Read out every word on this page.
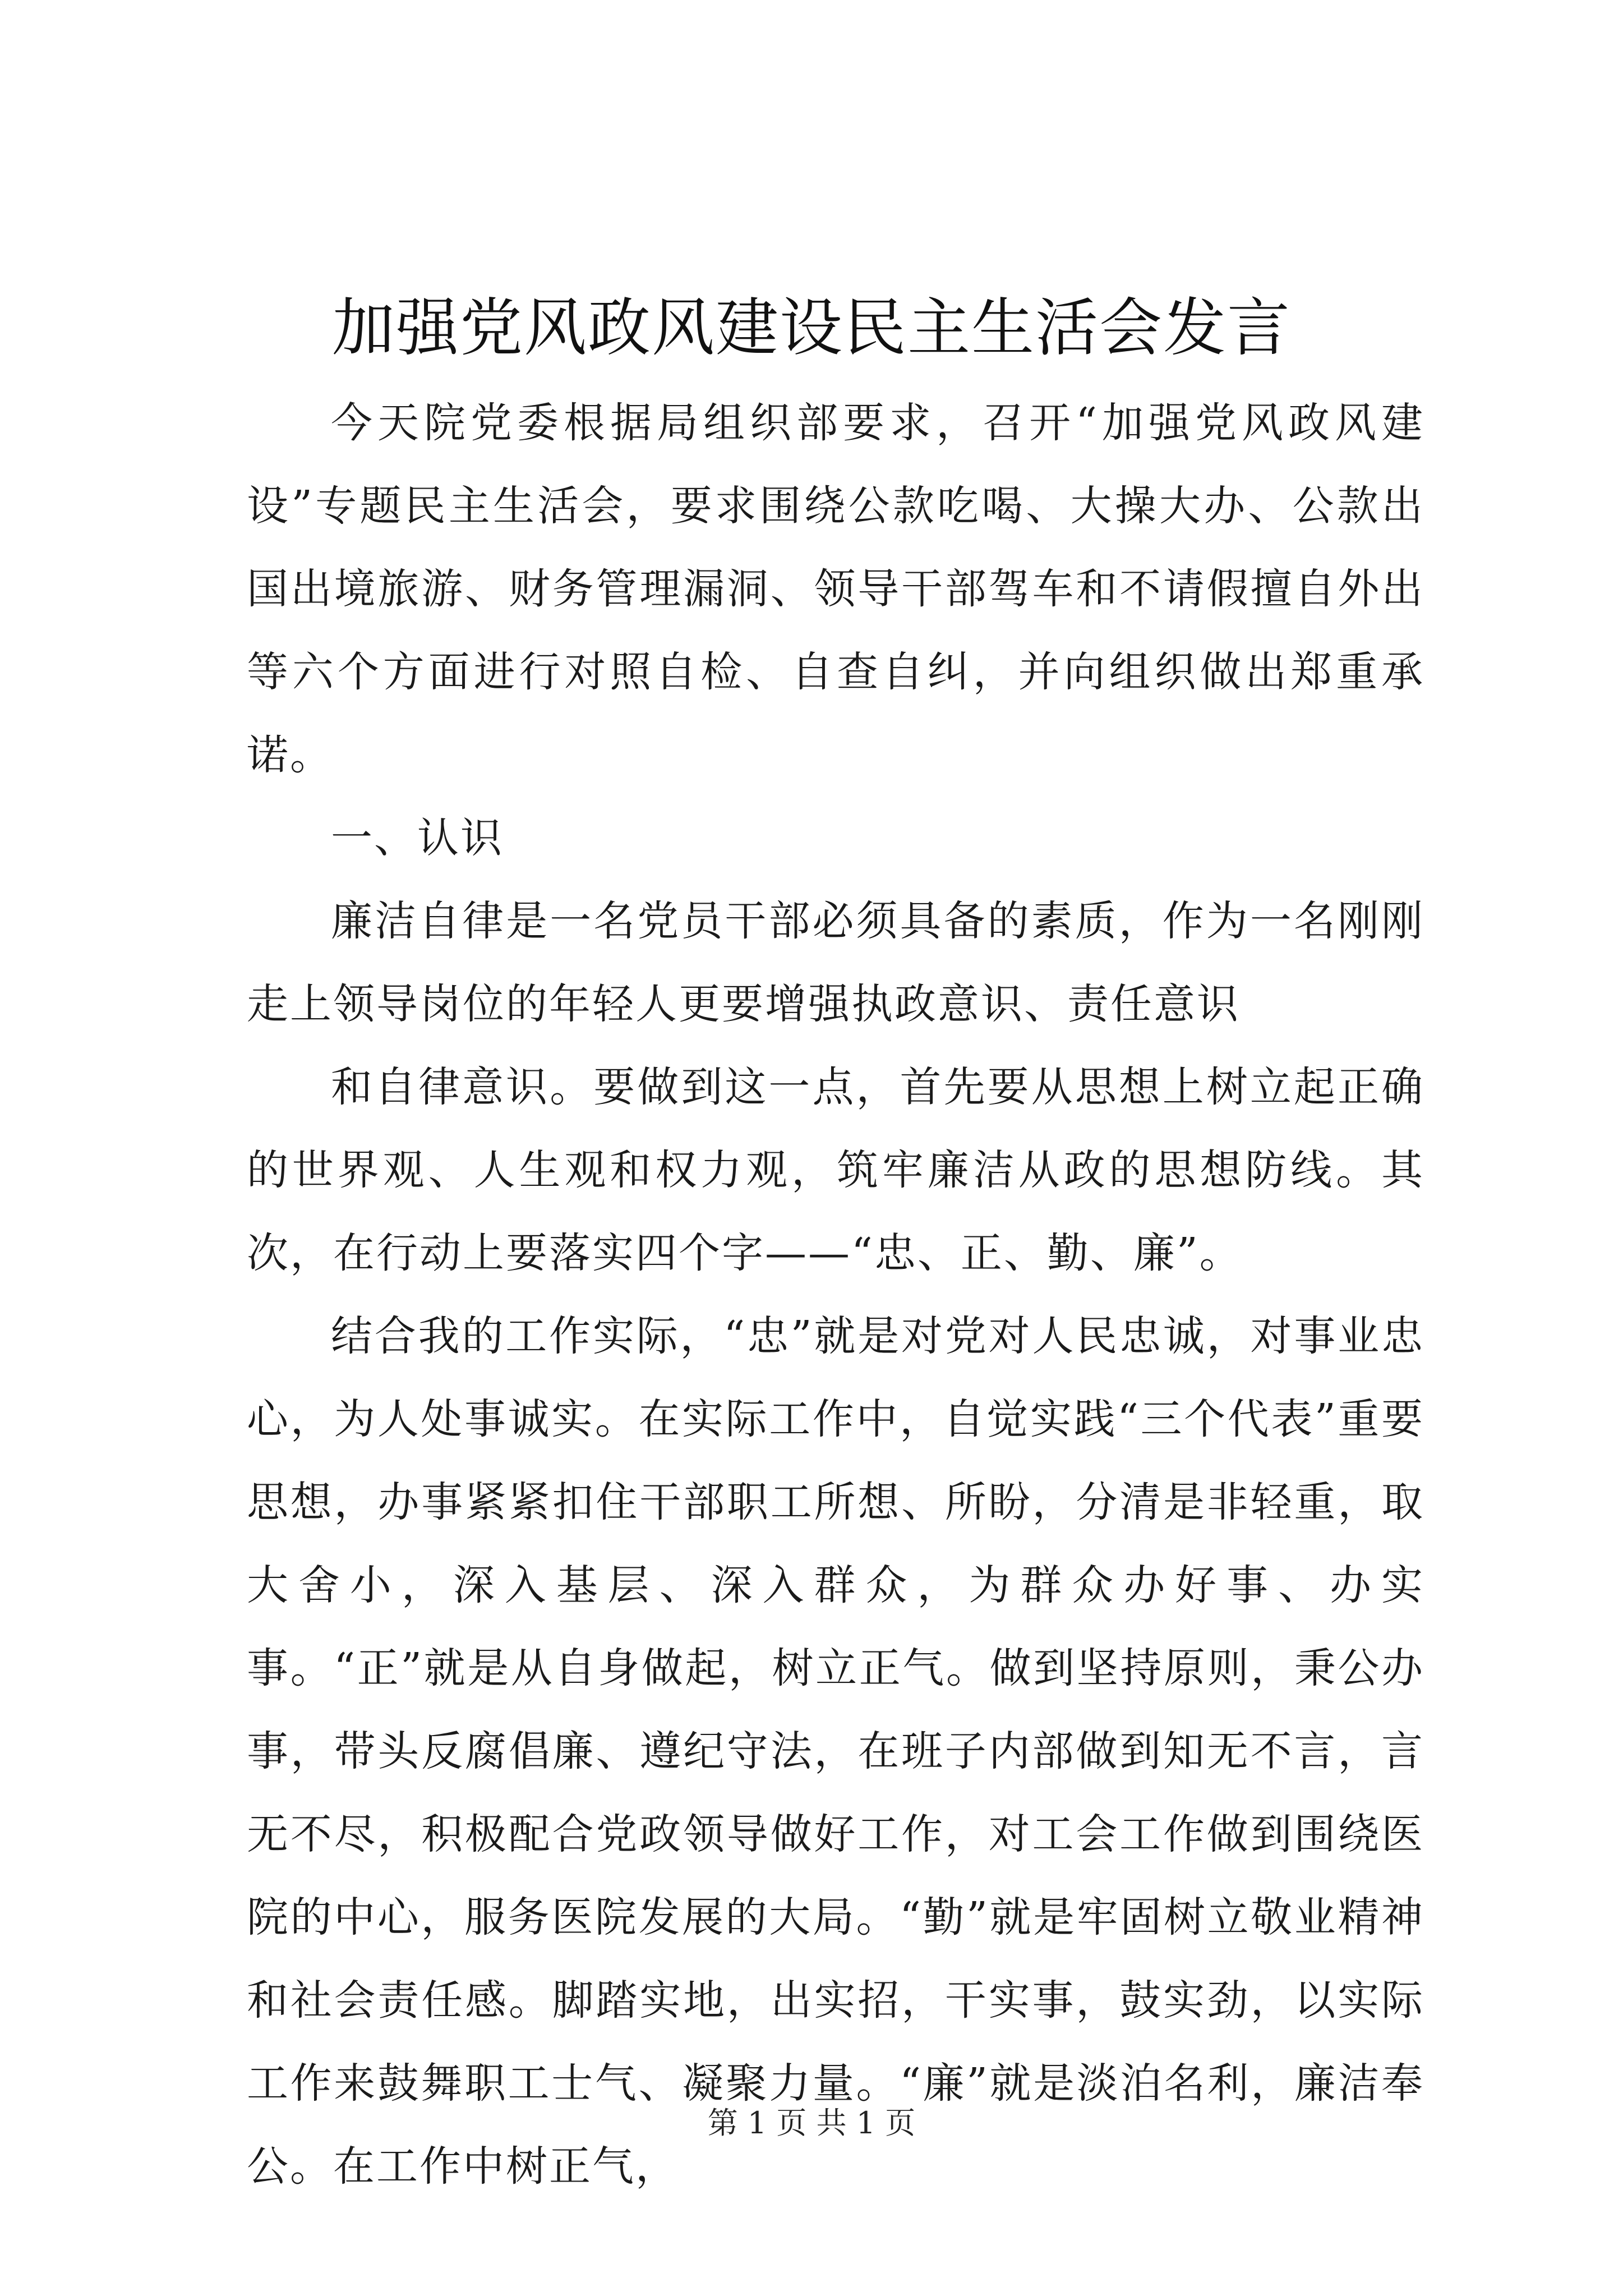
加强党风政风建设民主生活会发言

今天院党委根据局组织部要求，召开“加强党风政风建设”专题民主生活会，要求围绕公款吃喝、大操大办、公款出国出境旅游、财务管理漏洞、领导干部驾车和不请假擅自外出等六个方面进行对照自检、自查自纠，并向组织做出郑重承诺。

一、认识

廉洁自律是一名党员干部必须具备的素质，作为一名刚刚走上领导岗位的年轻人更要增强执政意识、责任意识

和自律意识。要做到这一点，首先要从思想上树立起正确的世界观、人生观和权力观，筑牢廉洁从政的思想防线。其次，在行动上要落实四个字——“忠、正、勤、廉”。

结合我的工作实际，“忠”就是对党对人民忠诚，对事业忠心，为人处事诚实。在实际工作中，自觉实践“三个代表”重要思想，办事紧紧扣住干部职工所想、所盼，分清是非轻重，取大舍小，深入基层、深入群众，为群众办好事、办实事。“正”就是从自身做起，树立正气。做到坚持原则，秉公办事，带头反腐倡廉、遵纪守法，在班子内部做到知无不言，言无不尽，积极配合党政领导做好工作，对工会工作做到围绕医院的中心，服务医院发展的大局。“勤”就是牢固树立敬业精神和社会责任感。脚踏实地，出实招，干实事，鼓实劲，以实际工作来鼓舞职工士气、凝聚力量。“廉”就是淡泊名利，廉洁奉公。在工作中树正气，

第 1 页 共 1 页
